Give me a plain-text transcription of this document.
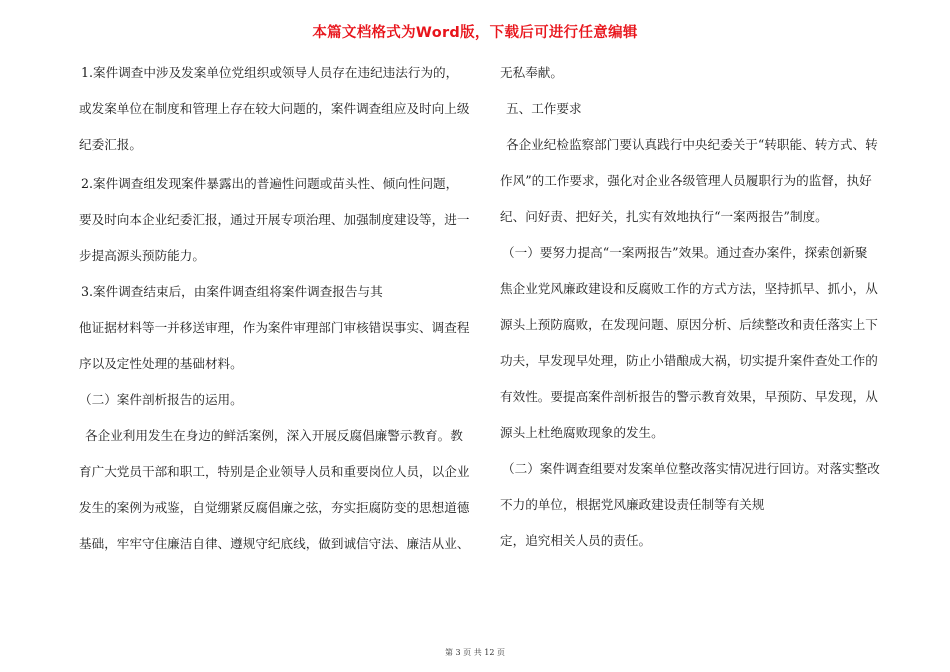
本篇文档格式为Word版，下载后可进行任意编辑

1.案件调查中涉及发案单位党组织或领导人员存在违纪违法行为的，

或发案单位在制度和管理上存在较大问题的，案件调查组应及时向上级

纪委汇报。

2.案件调查组发现案件暴露出的普遍性问题或苗头性、倾向性问题，

要及时向本企业纪委汇报，通过开展专项治理、加强制度建设等，进一

步提高源头预防能力。

3.案件调查结束后，由案件调查组将案件调查报告与其

他证据材料等一并移送审理，作为案件审理部门审核错误事实、调查程

序以及定性处理的基础材料。

（二）案件剖析报告的运用。

各企业利用发生在身边的鲜活案例，深入开展反腐倡廉警示教育。教

育广大党员干部和职工，特别是企业领导人员和重要岗位人员，以企业

发生的案例为戒鉴，自觉绷紧反腐倡廉之弦，夯实拒腐防变的思想道德

基础，牢牢守住廉洁自律、遵规守纪底线，做到诚信守法、廉洁从业、

无私奉献。

五、工作要求

各企业纪检监察部门要认真践行中央纪委关于“转职能、转方式、转

作风”的工作要求，强化对企业各级管理人员履职行为的监督，执好

纪、问好责、把好关，扎实有效地执行“一案两报告”制度。

（一）要努力提高“一案两报告”效果。通过查办案件，探索创新聚

焦企业党风廉政建设和反腐败工作的方式方法，坚持抓早、抓小，从

源头上预防腐败，在发现问题、原因分析、后续整改和责任落实上下

功夫，早发现早处理，防止小错酿成大祸，切实提升案件查处工作的

有效性。要提高案件剖析报告的警示教育效果，早预防、早发现，从

源头上杜绝腐败现象的发生。

（二）案件调查组要对发案单位整改落实情况进行回访。对落实整改

不力的单位，根据党风廉政建设责任制等有关规

定，追究相关人员的责任。

第 3 页 共 12 页
